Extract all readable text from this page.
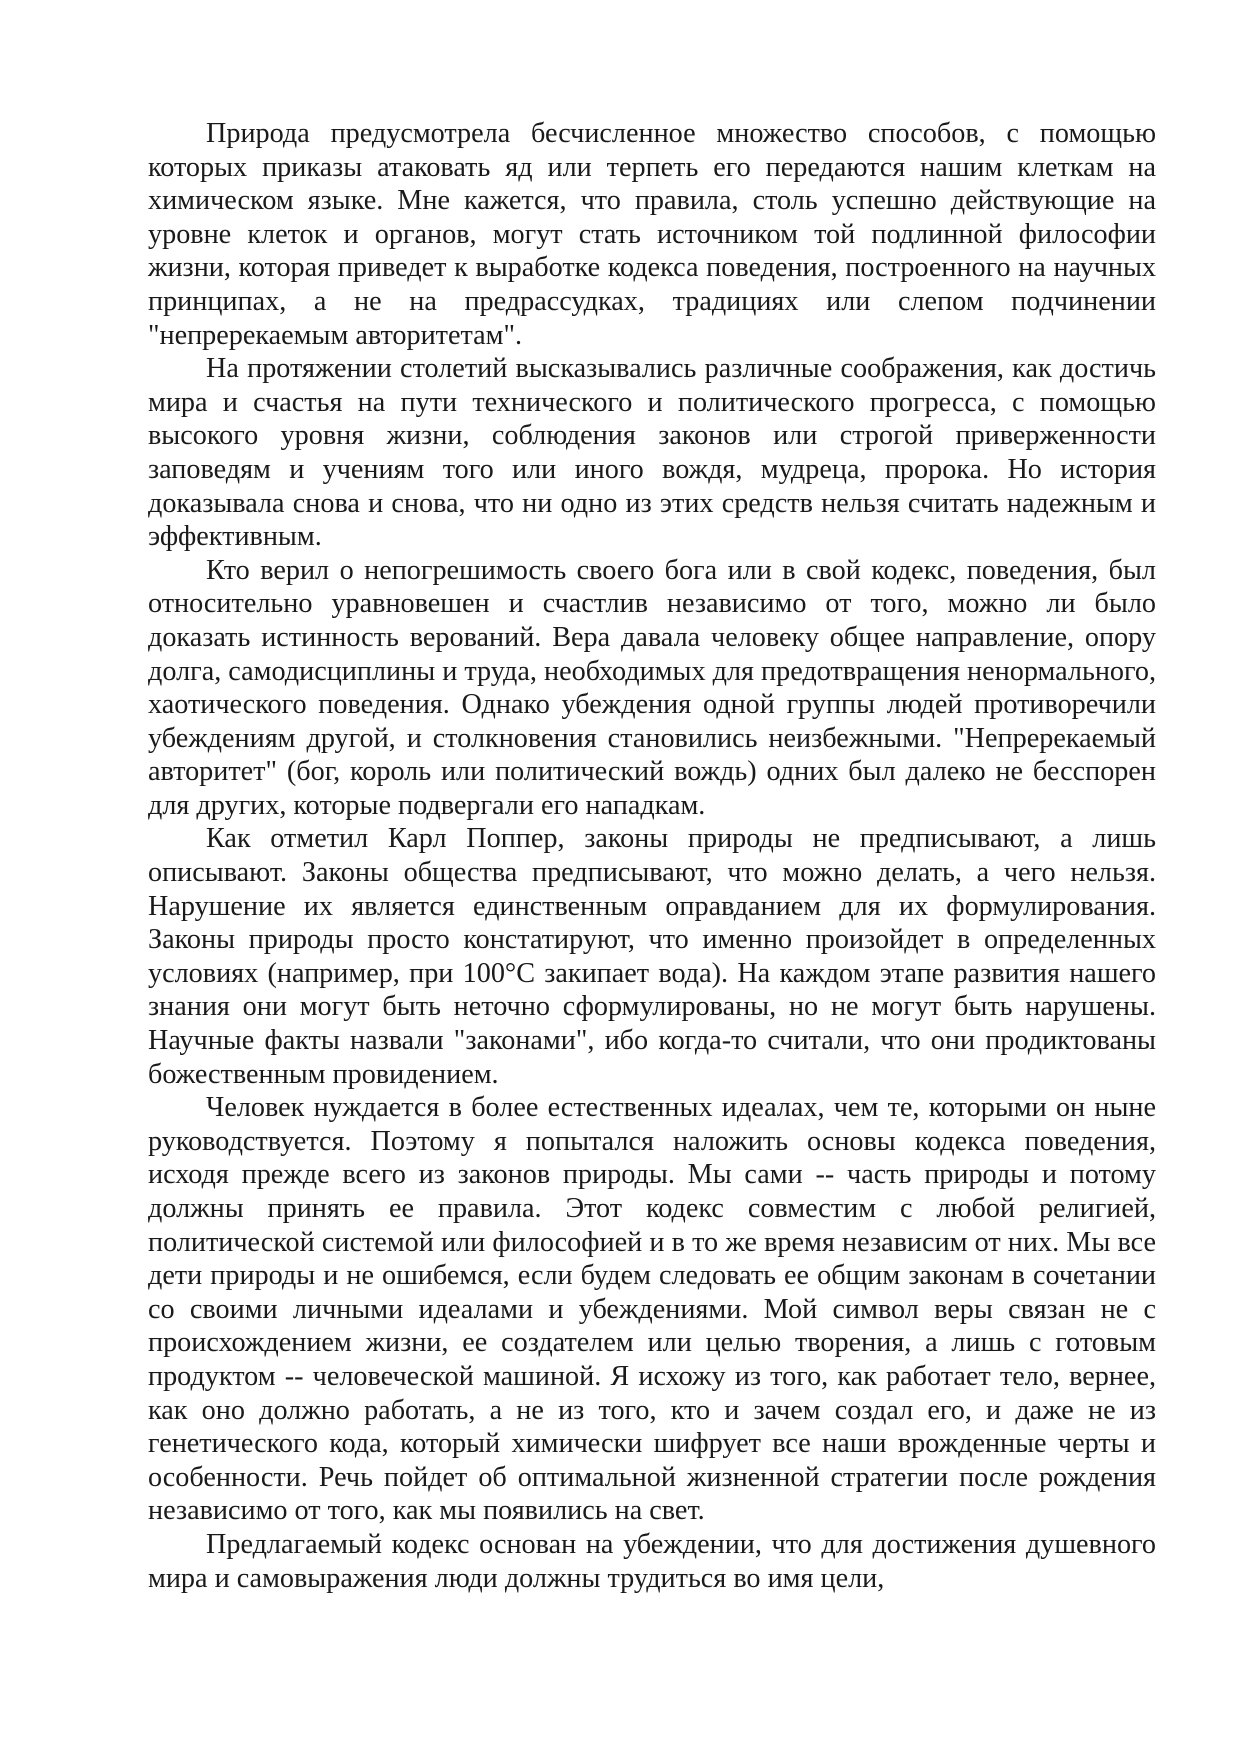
Природа предусмотрела бесчисленное множество способов, с помощью которых приказы атаковать яд или терпеть его передаются нашим клеткам на химическом языке. Мне кажется, что правила, столь успешно действующие на уровне клеток и органов, могут стать источником той подлинной философии жизни, которая приведет к выработке кодекса поведения, построенного на научных принципах, а не на предрассудках, традициях или слепом подчинении "непререкаемым авторитетам".

На протяжении столетий высказывались различные соображения, как достичь мира и счастья на пути технического и политического прогресса, с помощью высокого уровня жизни, соблюдения законов или строгой приверженности заповедям и учениям того или иного вождя, мудреца, пророка. Но история доказывала снова и снова, что ни одно из этих средств нельзя считать надежным и эффективным.

Кто верил о непогрешимость своего бога или в свой кодекс, поведения, был относительно уравновешен и счастлив независимо от того, можно ли было доказать истинность верований. Вера давала человеку общее направление, опору долга, самодисциплины и труда, необходимых для предотвращения ненормального, хаотического поведения. Однако убеждения одной группы людей противоречили убеждениям другой, и столкновения становились неизбежными. "Непререкаемый авторитет" (бог, король или политический вождь) одних был далеко не бесспорен для других, которые подвергали его нападкам.

Как отметил Карл Поппер, законы природы не предписывают, а лишь описывают. Законы общества предписывают, что можно делать, а чего нельзя. Нарушение их является единственным оправданием для их формулирования. Законы природы просто констатируют, что именно произойдет в определенных условиях (например, при 100°С закипает вода). На каждом этапе развития нашего знания они могут быть неточно сформулированы, но не могут быть нарушены. Научные факты назвали "законами", ибо когда-то считали, что они продиктованы божественным провидением.

Человек нуждается в более естественных идеалах, чем те, которыми он ныне руководствуется. Поэтому я попытался наложить основы кодекса поведения, исходя прежде всего из законов природы. Мы сами -- часть природы и потому должны принять ее правила. Этот кодекс совместим с любой религией, политической системой или философией и в то же время независим от них. Мы все дети природы и не ошибемся, если будем следовать ее общим законам в сочетании со своими личными идеалами и убеждениями. Мой символ веры связан не с происхождением жизни, ее создателем или целью творения, а лишь с готовым продуктом -- человеческой машиной. Я исхожу из того, как работает тело, вернее, как оно должно работать, а не из того, кто и зачем создал его, и даже не из генетического кода, который химически шифрует все наши врожденные черты и особенности. Речь пойдет об оптимальной жизненной стратегии после рождения независимо от того, как мы появились на свет.

Предлагаемый кодекс основан на убеждении, что для достижения душевного мира и самовыражения люди должны трудиться во имя цели,
